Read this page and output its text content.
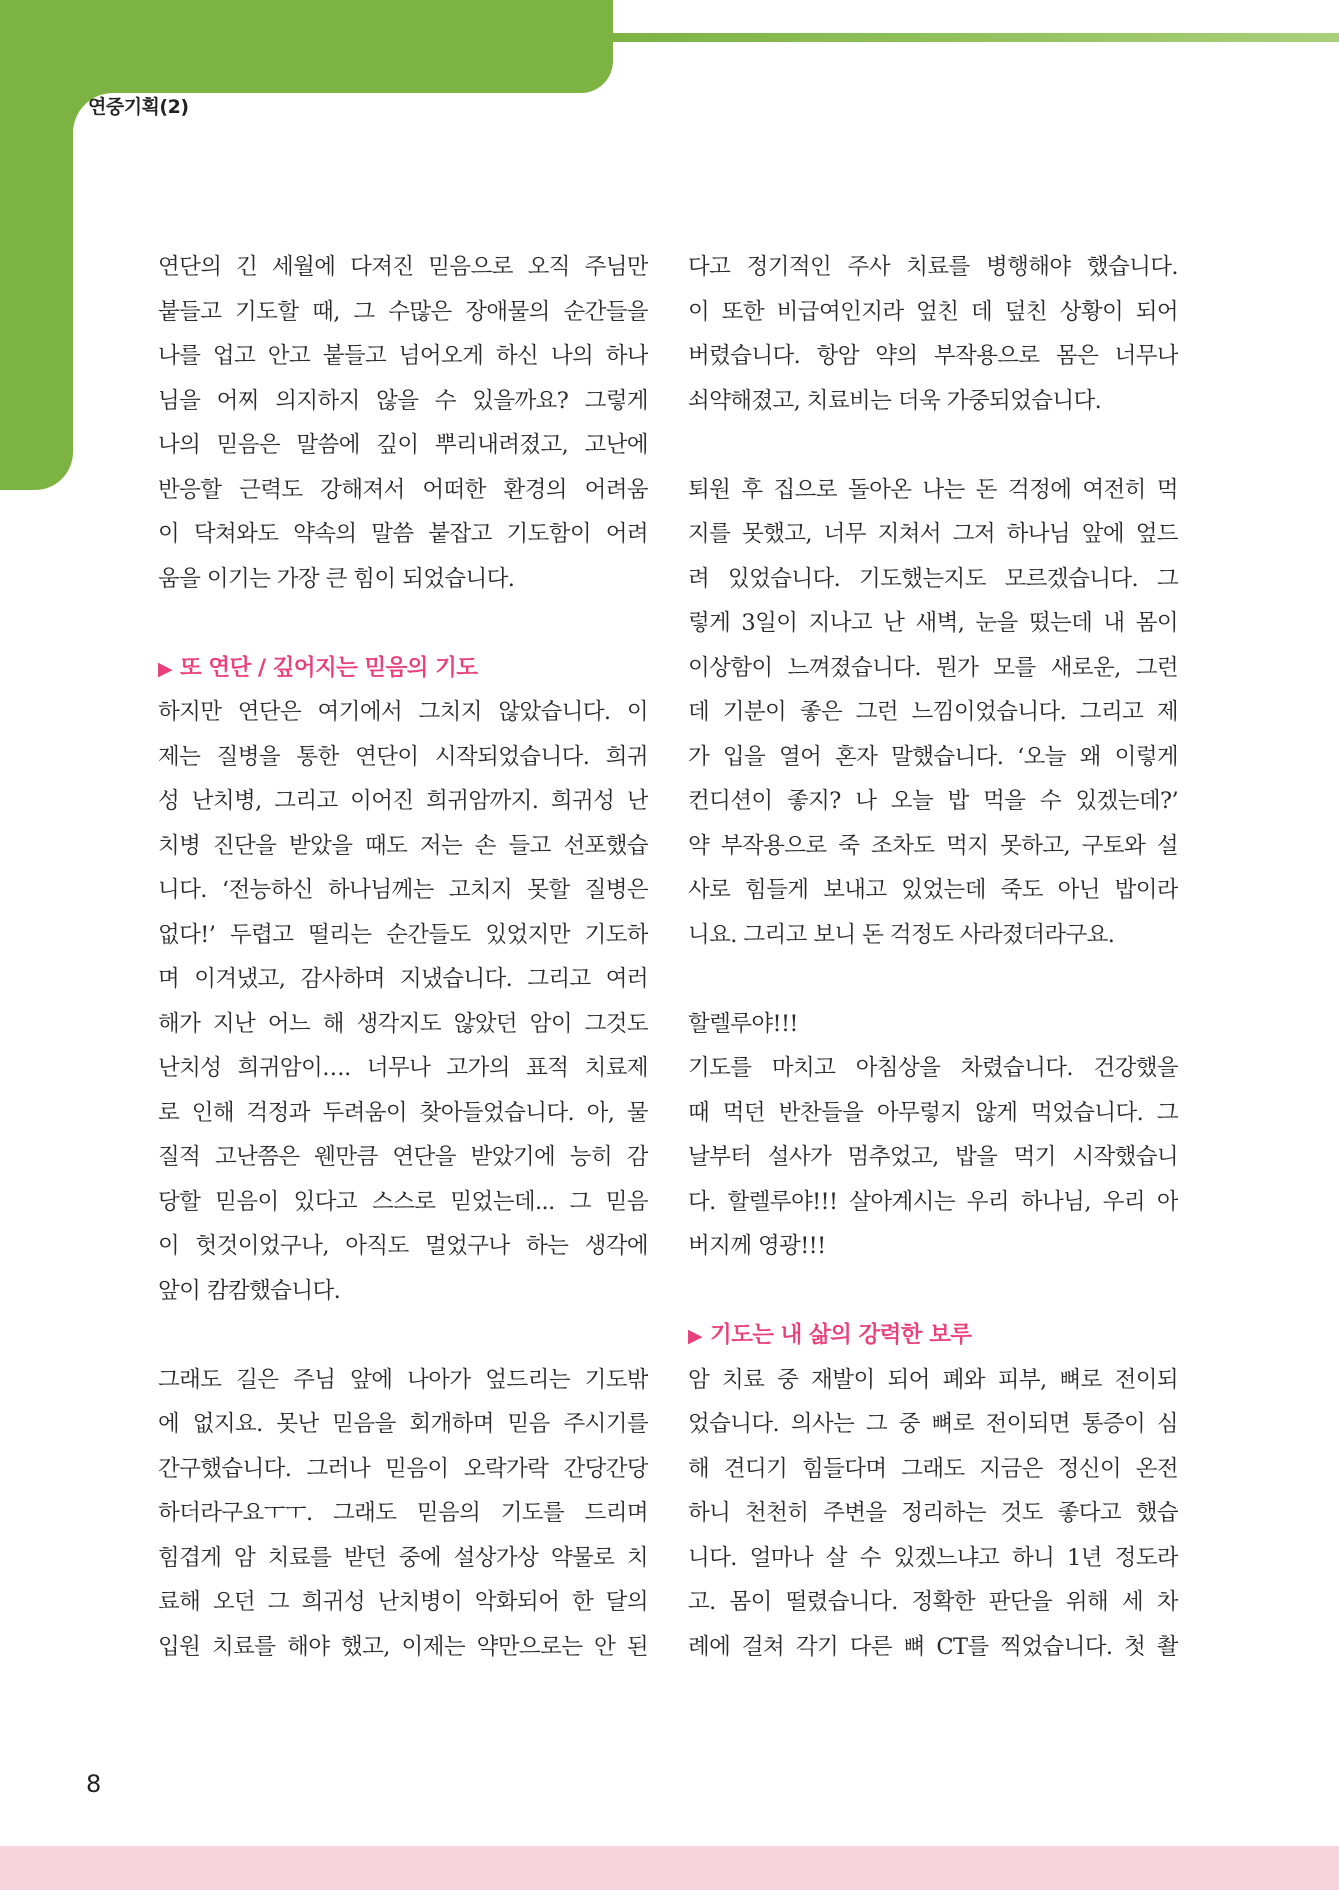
연중기획(2)
연단의 긴 세월에 다져진 믿음으로 오직 주님만
붙들고 기도할 때, 그 수많은 장애물의 순간들을
나를 업고 안고 붙들고 넘어오게 하신 나의 하나
님을 어찌 의지하지 않을 수 있을까요? 그렇게
나의 믿음은 말씀에 깊이 뿌리내려졌고, 고난에
반응할 근력도 강해져서 어떠한 환경의 어려움
이 닥쳐와도 약속의 말씀 붙잡고 기도함이 어려
움을 이기는 가장 큰 힘이 되었습니다.
▶ 또 연단 / 깊어지는 믿음의 기도
하지만 연단은 여기에서 그치지 않았습니다. 이
제는 질병을 통한 연단이 시작되었습니다. 희귀
성 난치병, 그리고 이어진 희귀암까지. 희귀성 난
치병 진단을 받았을 때도 저는 손 들고 선포했습
니다. ‘전능하신 하나님께는 고치지 못할 질병은
없다!’ 두렵고 떨리는 순간들도 있었지만 기도하
며 이겨냈고, 감사하며 지냈습니다. 그리고 여러
해가 지난 어느 해 생각지도 않았던 암이 그것도
난치성 희귀암이…. 너무나 고가의 표적 치료제
로 인해 걱정과 두려움이 찾아들었습니다. 아, 물
질적 고난쯤은 웬만큼 연단을 받았기에 능히 감
당할 믿음이 있다고 스스로 믿었는데... 그 믿음
이 헛것이었구나, 아직도 멀었구나 하는 생각에
앞이 캄캄했습니다.
그래도 길은 주님 앞에 나아가 엎드리는 기도밖
에 없지요. 못난 믿음을 회개하며 믿음 주시기를
간구했습니다. 그러나 믿음이 오락가락 간당간당
하더라구요ㅜㅜ. 그래도 믿음의 기도를 드리며
힘겹게 암 치료를 받던 중에 설상가상 약물로 치
료해 오던 그 희귀성 난치병이 악화되어 한 달의
입원 치료를 해야 했고, 이제는 약만으로는 안 된
다고 정기적인 주사 치료를 병행해야 했습니다.
이 또한 비급여인지라 엎친 데 덮친 상황이 되어
버렸습니다. 항암 약의 부작용으로 몸은 너무나
쇠약해졌고, 치료비는 더욱 가중되었습니다.
퇴원 후 집으로 돌아온 나는 돈 걱정에 여전히 먹
지를 못했고, 너무 지쳐서 그저 하나님 앞에 엎드
려 있었습니다. 기도했는지도 모르겠습니다. 그
렇게 3일이 지나고 난 새벽, 눈을 떴는데 내 몸이
이상함이 느껴졌습니다. 뭔가 모를 새로운, 그런
데 기분이 좋은 그런 느낌이었습니다. 그리고 제
가 입을 열어 혼자 말했습니다. ‘오늘 왜 이렇게
컨디션이 좋지? 나 오늘 밥 먹을 수 있겠는데?’
약 부작용으로 죽 조차도 먹지 못하고, 구토와 설
사로 힘들게 보내고 있었는데 죽도 아닌 밥이라
니요. 그리고 보니 돈 걱정도 사라졌더라구요.
할렐루야!!!
기도를 마치고 아침상을 차렸습니다. 건강했을
때 먹던 반찬들을 아무렇지 않게 먹었습니다. 그
날부터 설사가 멈추었고, 밥을 먹기 시작했습니
다. 할렐루야!!! 살아계시는 우리 하나님, 우리 아
버지께 영광!!!
▶ 기도는 내 삶의 강력한 보루
암 치료 중 재발이 되어 폐와 피부, 뼈로 전이되
었습니다. 의사는 그 중 뼈로 전이되면 통증이 심
해 견디기 힘들다며 그래도 지금은 정신이 온전
하니 천천히 주변을 정리하는 것도 좋다고 했습
니다. 얼마나 살 수 있겠느냐고 하니 1년 정도라
고. 몸이 떨렸습니다. 정확한 판단을 위해 세 차
례에 걸쳐 각기 다른 뼈 CT를 찍었습니다. 첫 촬
8
